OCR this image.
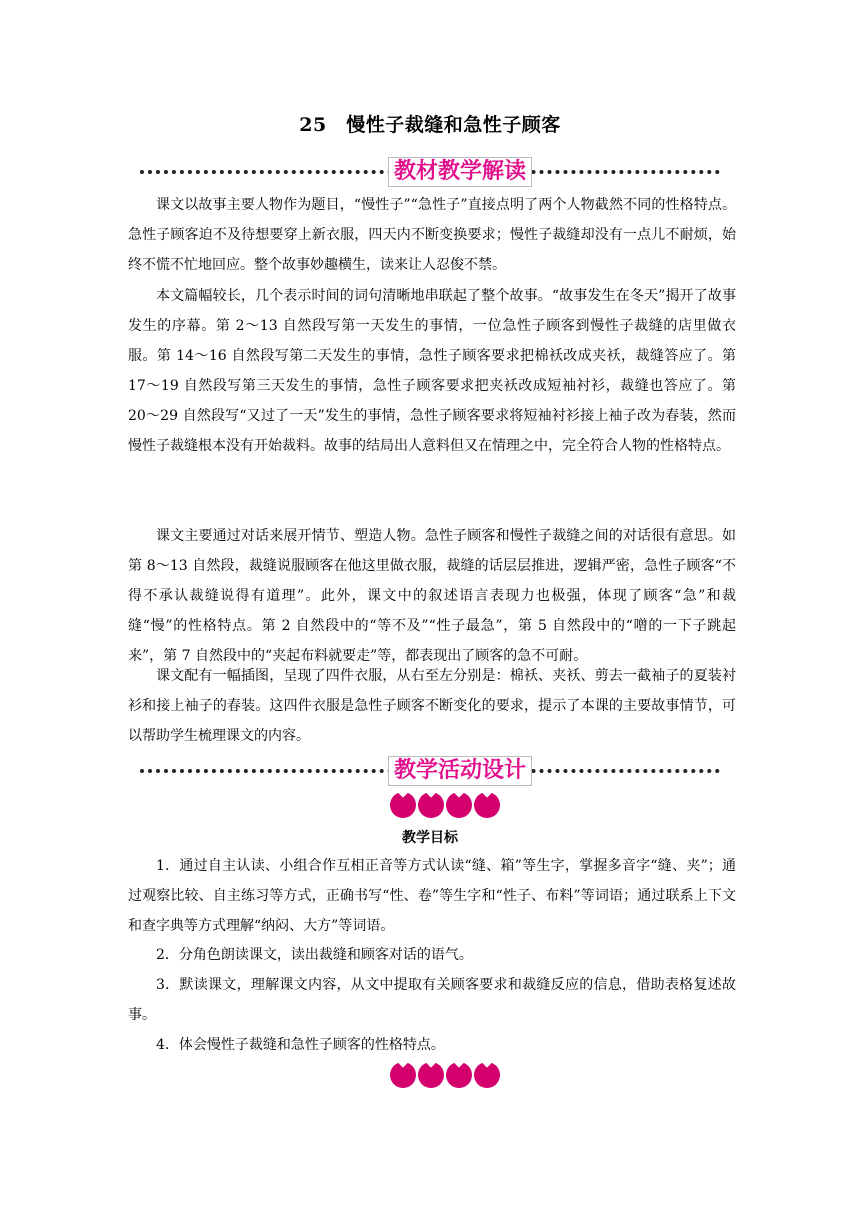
25　慢性子裁缝和急性子顾客
教材教学解读

课文以故事主要人物作为题目，“慢性子”“急性子”直接点明了两个人物截然不同的性格特点。急性子顾客迫不及待想要穿上新衣服，四天内不断变换要求；慢性子裁缝却没有一点儿不耐烦，始终不慌不忙地回应。整个故事妙趣横生，读来让人忍俊不禁。

本文篇幅较长，几个表示时间的词句清晰地串联起了整个故事。“故事发生在冬天”揭开了故事发生的序幕。第 2～13 自然段写第一天发生的事情，一位急性子顾客到慢性子裁缝的店里做衣服。第 14～16 自然段写第二天发生的事情，急性子顾客要求把棉袄改成夹袄，裁缝答应了。第 17～19 自然段写第三天发生的事情，急性子顾客要求把夹袄改成短袖衬衫，裁缝也答应了。第 20～29 自然段写“又过了一天”发生的事情，急性子顾客要求将短袖衬衫接上袖子改为春装，然而慢性子裁缝根本没有开始裁料。故事的结局出人意料但又在情理之中，完全符合人物的性格特点。

课文主要通过对话来展开情节、塑造人物。急性子顾客和慢性子裁缝之间的对话很有意思。如第 8～13 自然段，裁缝说服顾客在他这里做衣服，裁缝的话层层推进，逻辑严密，急性子顾客“不得不承认裁缝说得有道理”。此外，课文中的叙述语言表现力也极强，体现了顾客“急”和裁缝“慢”的性格特点。第 2 自然段中的“等不及”“性子最急”，第 5 自然段中的“噌的一下子跳起来”，第 7 自然段中的“夹起布料就要走”等，都表现出了顾客的急不可耐。

课文配有一幅插图，呈现了四件衣服，从右至左分别是：棉袄、夹袄、剪去一截袖子的夏装衬衫和接上袖子的春装。这四件衣服是急性子顾客不断变化的要求，提示了本课的主要故事情节，可以帮助学生梳理课文的内容。

教学活动设计
教学目标

1．通过自主认读、小组合作互相正音等方式认读“缝、箱”等生字，掌握多音字“缝、夹”；通过观察比较、自主练习等方式，正确书写“性、卷”等生字和“性子、布料”等词语；通过联系上下文和查字典等方式理解“纳闷、大方”等词语。

2．分角色朗读课文，读出裁缝和顾客对话的语气。

3．默读课文，理解课文内容，从文中提取有关顾客要求和裁缝反应的信息，借助表格复述故事。

4．体会慢性子裁缝和急性子顾客的性格特点。
